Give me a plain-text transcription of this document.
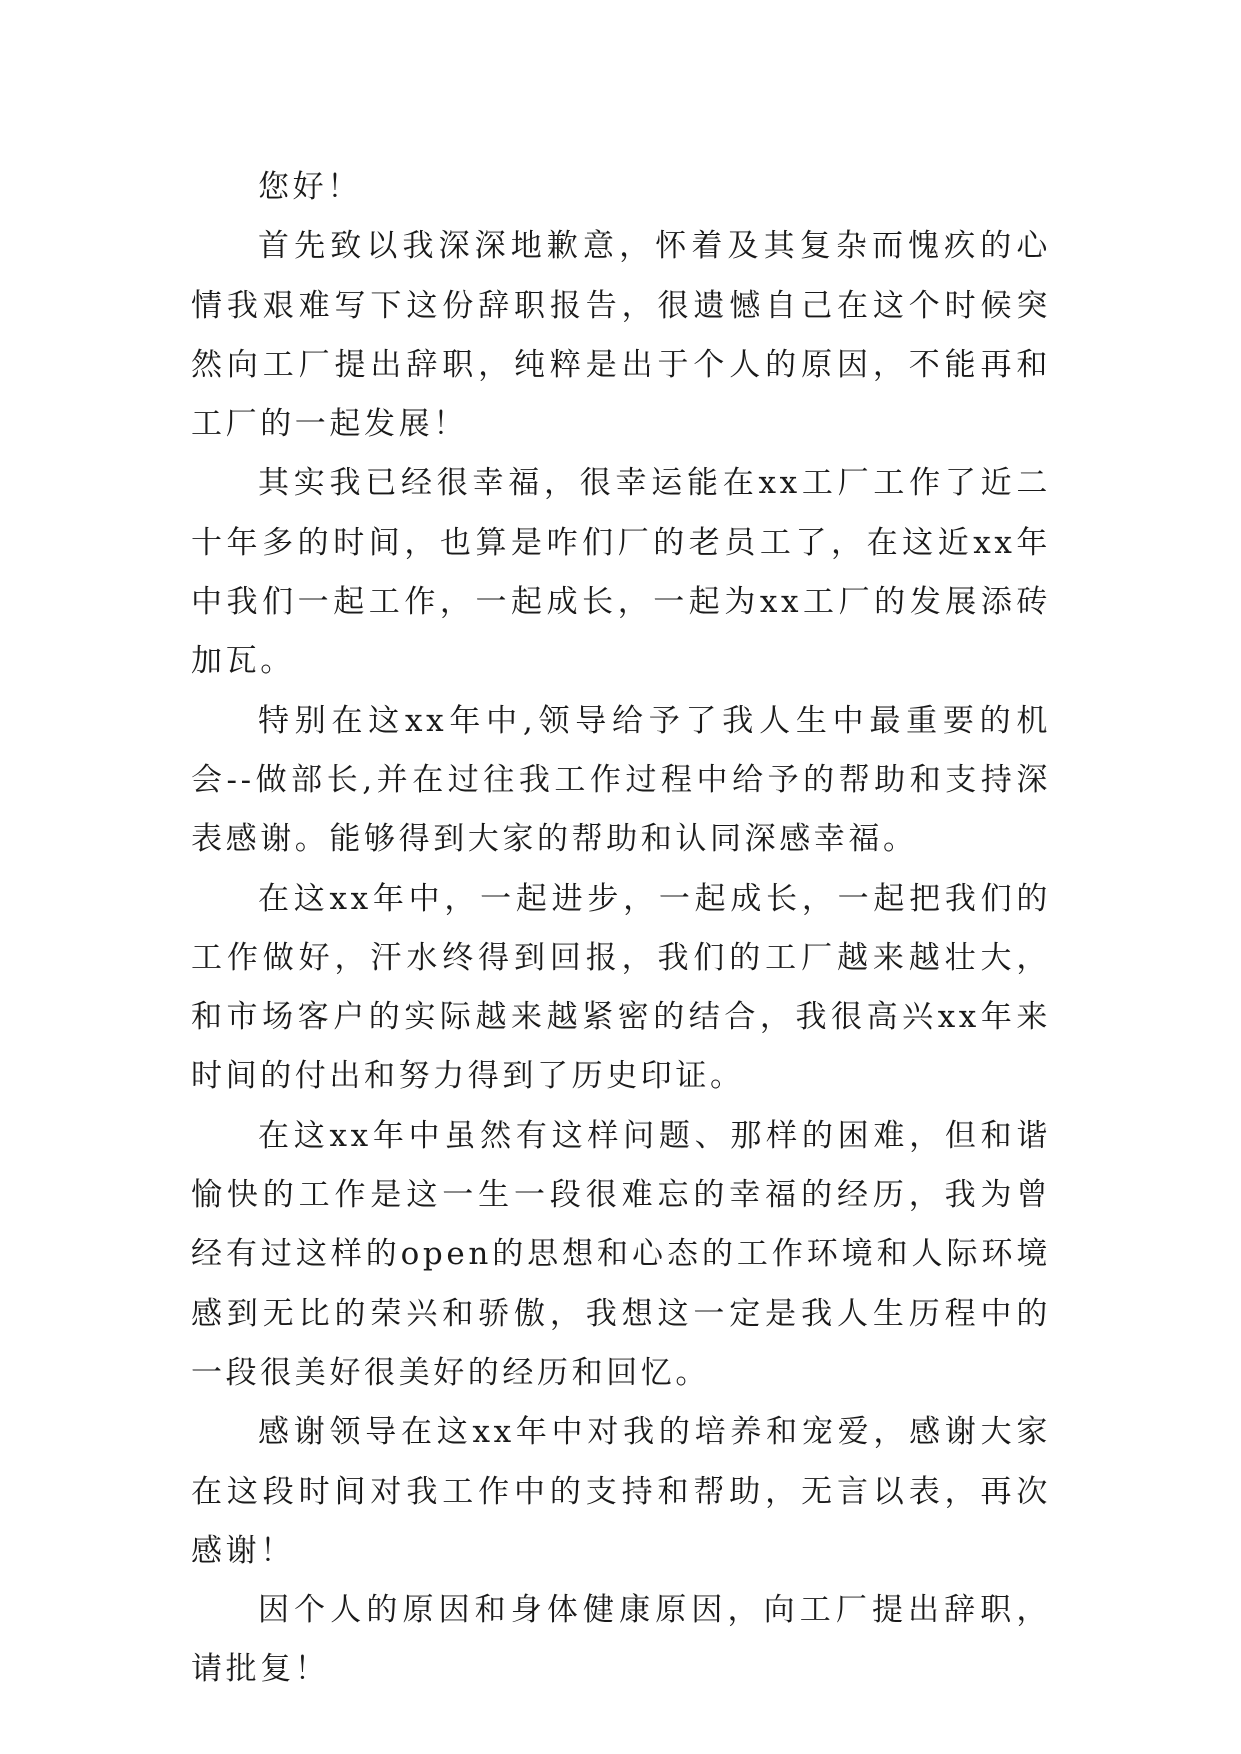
您好！

首先致以我深深地歉意，怀着及其复杂而愧疚的心情我艰难写下这份辞职报告，很遗憾自己在这个时候突然向工厂提出辞职，纯粹是出于个人的原因，不能再和工厂的一起发展！

其实我已经很幸福，很幸运能在xx工厂工作了近二十年多的时间，也算是咋们厂的老员工了，在这近xx年中我们一起工作，一起成长，一起为xx工厂的发展添砖加瓦。

特别在这xx年中,领导给予了我人生中最重要的机会--做部长,并在过往我工作过程中给予的帮助和支持深表感谢。能够得到大家的帮助和认同深感幸福。

在这xx年中，一起进步，一起成长，一起把我们的工作做好，汗水终得到回报，我们的工厂越来越壮大，和市场客户的实际越来越紧密的结合，我很高兴xx年来时间的付出和努力得到了历史印证。

在这xx年中虽然有这样问题、那样的困难，但和谐愉快的工作是这一生一段很难忘的幸福的经历，我为曾经有过这样的open的思想和心态的工作环境和人际环境感到无比的荣兴和骄傲，我想这一定是我人生历程中的一段很美好很美好的经历和回忆。

感谢领导在这xx年中对我的培养和宠爱，感谢大家在这段时间对我工作中的支持和帮助，无言以表，再次感谢！

因个人的原因和身体健康原因，向工厂提出辞职，请批复！
